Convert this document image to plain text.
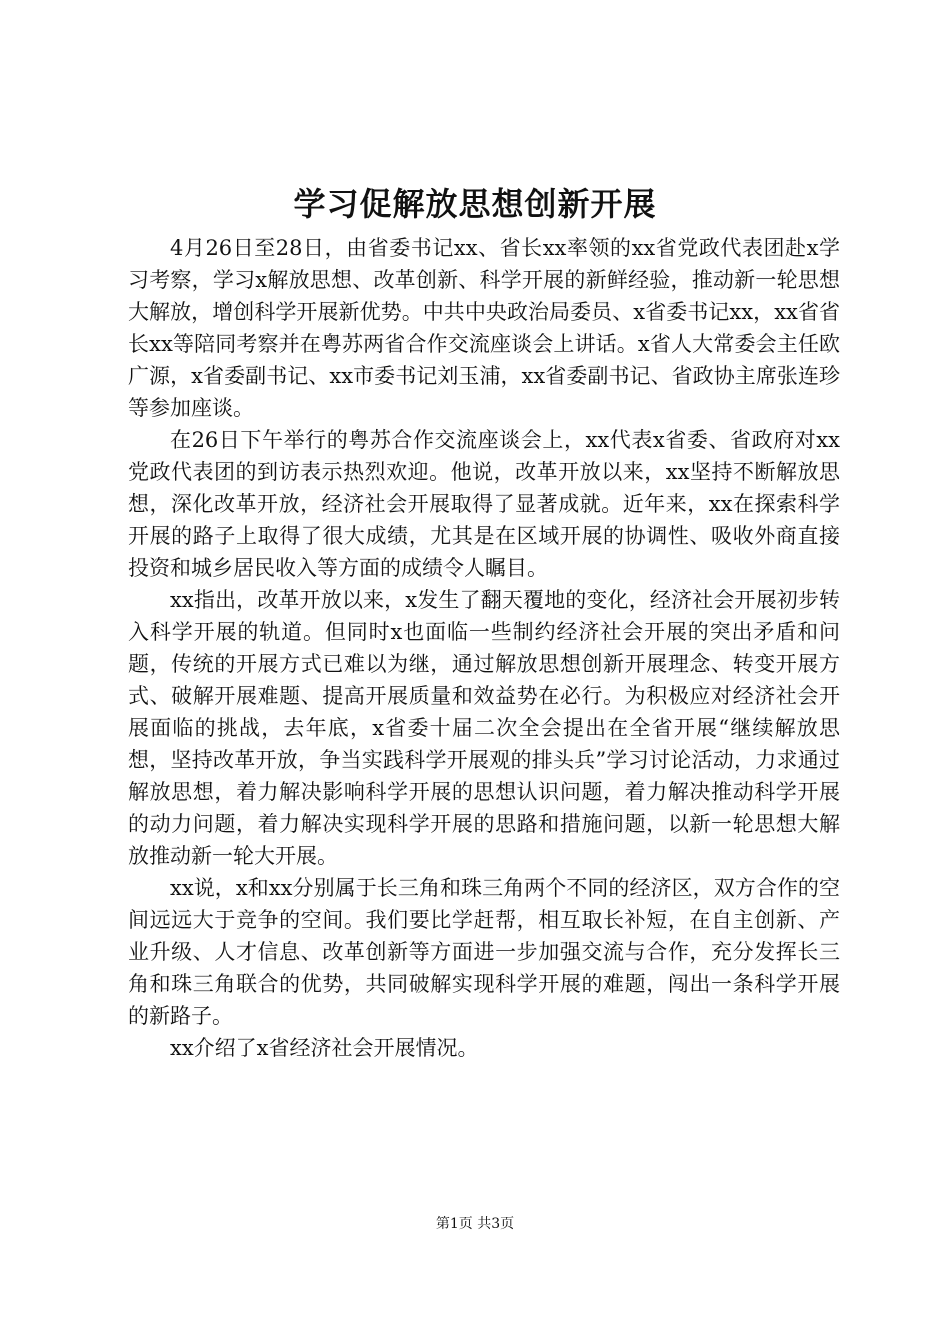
学习促解放思想创新开展

4月26日至28日，由省委书记xx、省长xx率领的xx省党政代表团赴x学习考察，学习x解放思想、改革创新、科学开展的新鲜经验，推动新一轮思想大解放，增创科学开展新优势。中共中央政治局委员、x省委书记xx，xx省省长xx等陪同考察并在粤苏两省合作交流座谈会上讲话。x省人大常委会主任欧广源，x省委副书记、xx市委书记刘玉浦，xx省委副书记、省政协主席张连珍等参加座谈。

在26日下午举行的粤苏合作交流座谈会上，xx代表x省委、省政府对xx党政代表团的到访表示热烈欢迎。他说，改革开放以来，xx坚持不断解放思想，深化改革开放，经济社会开展取得了显著成就。近年来，xx在探索科学开展的路子上取得了很大成绩，尤其是在区域开展的协调性、吸收外商直接投资和城乡居民收入等方面的成绩令人瞩目。

xx指出，改革开放以来，x发生了翻天覆地的变化，经济社会开展初步转入科学开展的轨道。但同时x也面临一些制约经济社会开展的突出矛盾和问题，传统的开展方式已难以为继，通过解放思想创新开展理念、转变开展方式、破解开展难题、提高开展质量和效益势在必行。为积极应对经济社会开展面临的挑战，去年底，x省委十届二次全会提出在全省开展“继续解放思想，坚持改革开放，争当实践科学开展观的排头兵”学习讨论活动，力求通过解放思想，着力解决影响科学开展的思想认识问题，着力解决推动科学开展的动力问题，着力解决实现科学开展的思路和措施问题，以新一轮思想大解放推动新一轮大开展。

xx说，x和xx分别属于长三角和珠三角两个不同的经济区，双方合作的空间远远大于竞争的空间。我们要比学赶帮，相互取长补短，在自主创新、产业升级、人才信息、改革创新等方面进一步加强交流与合作，充分发挥长三角和珠三角联合的优势，共同破解实现科学开展的难题，闯出一条科学开展的新路子。

xx介绍了x省经济社会开展情况。

第1页 共3页
